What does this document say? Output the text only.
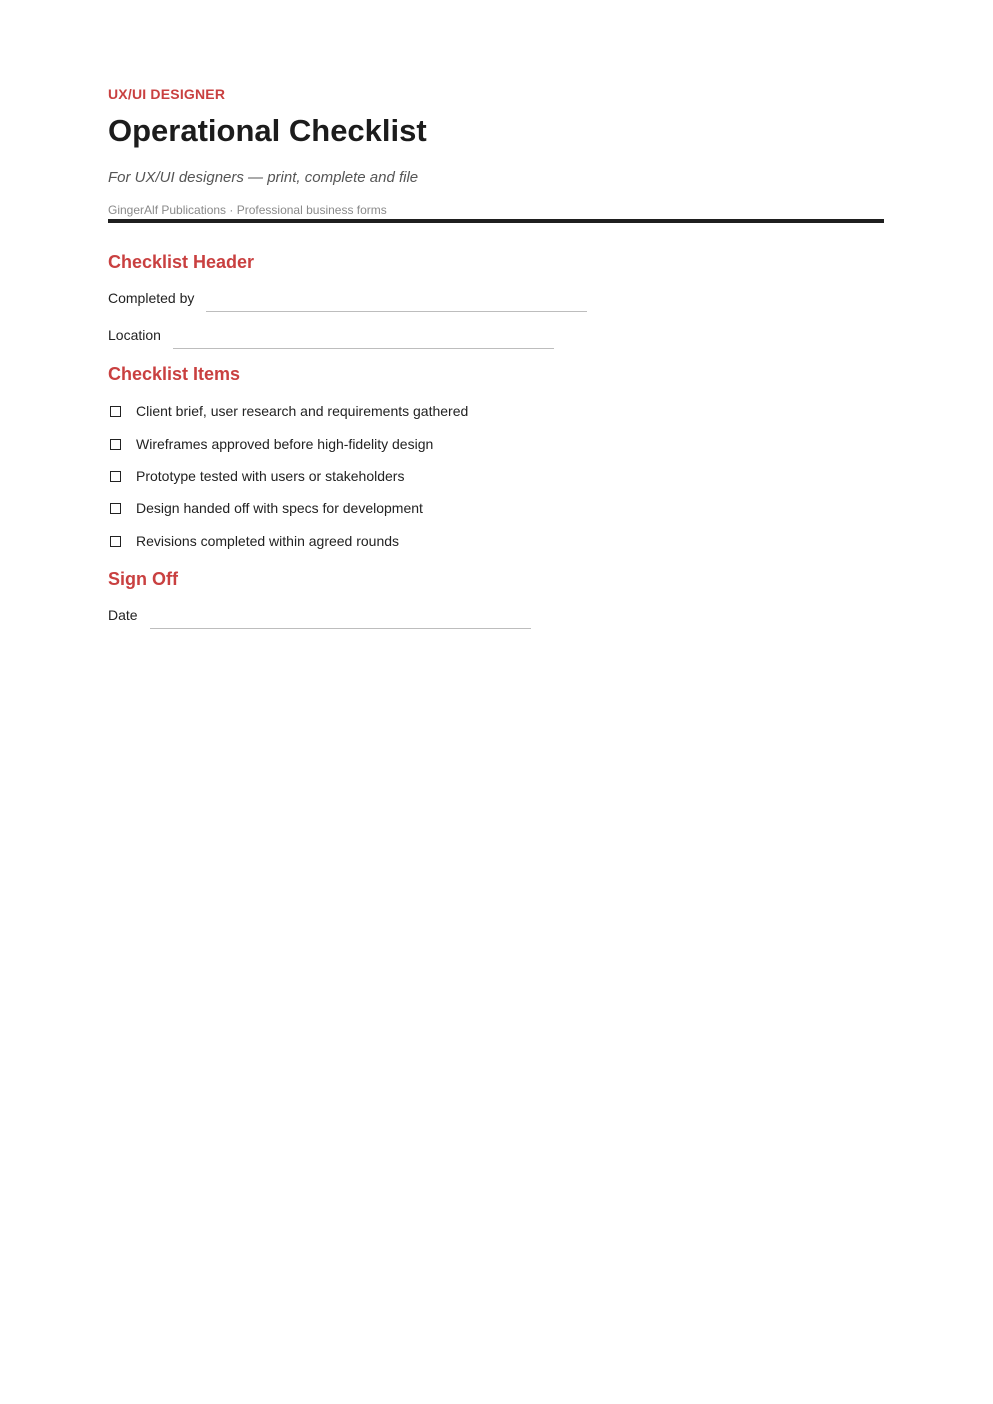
UX/UI DESIGNER
Operational Checklist
For UX/UI designers — print, complete and file
GingerAlf Publications · Professional business forms
Checklist Header
Completed by
Location
Checklist Items
Client brief, user research and requirements gathered
Wireframes approved before high-fidelity design
Prototype tested with users or stakeholders
Design handed off with specs for development
Revisions completed within agreed rounds
Sign Off
Date
